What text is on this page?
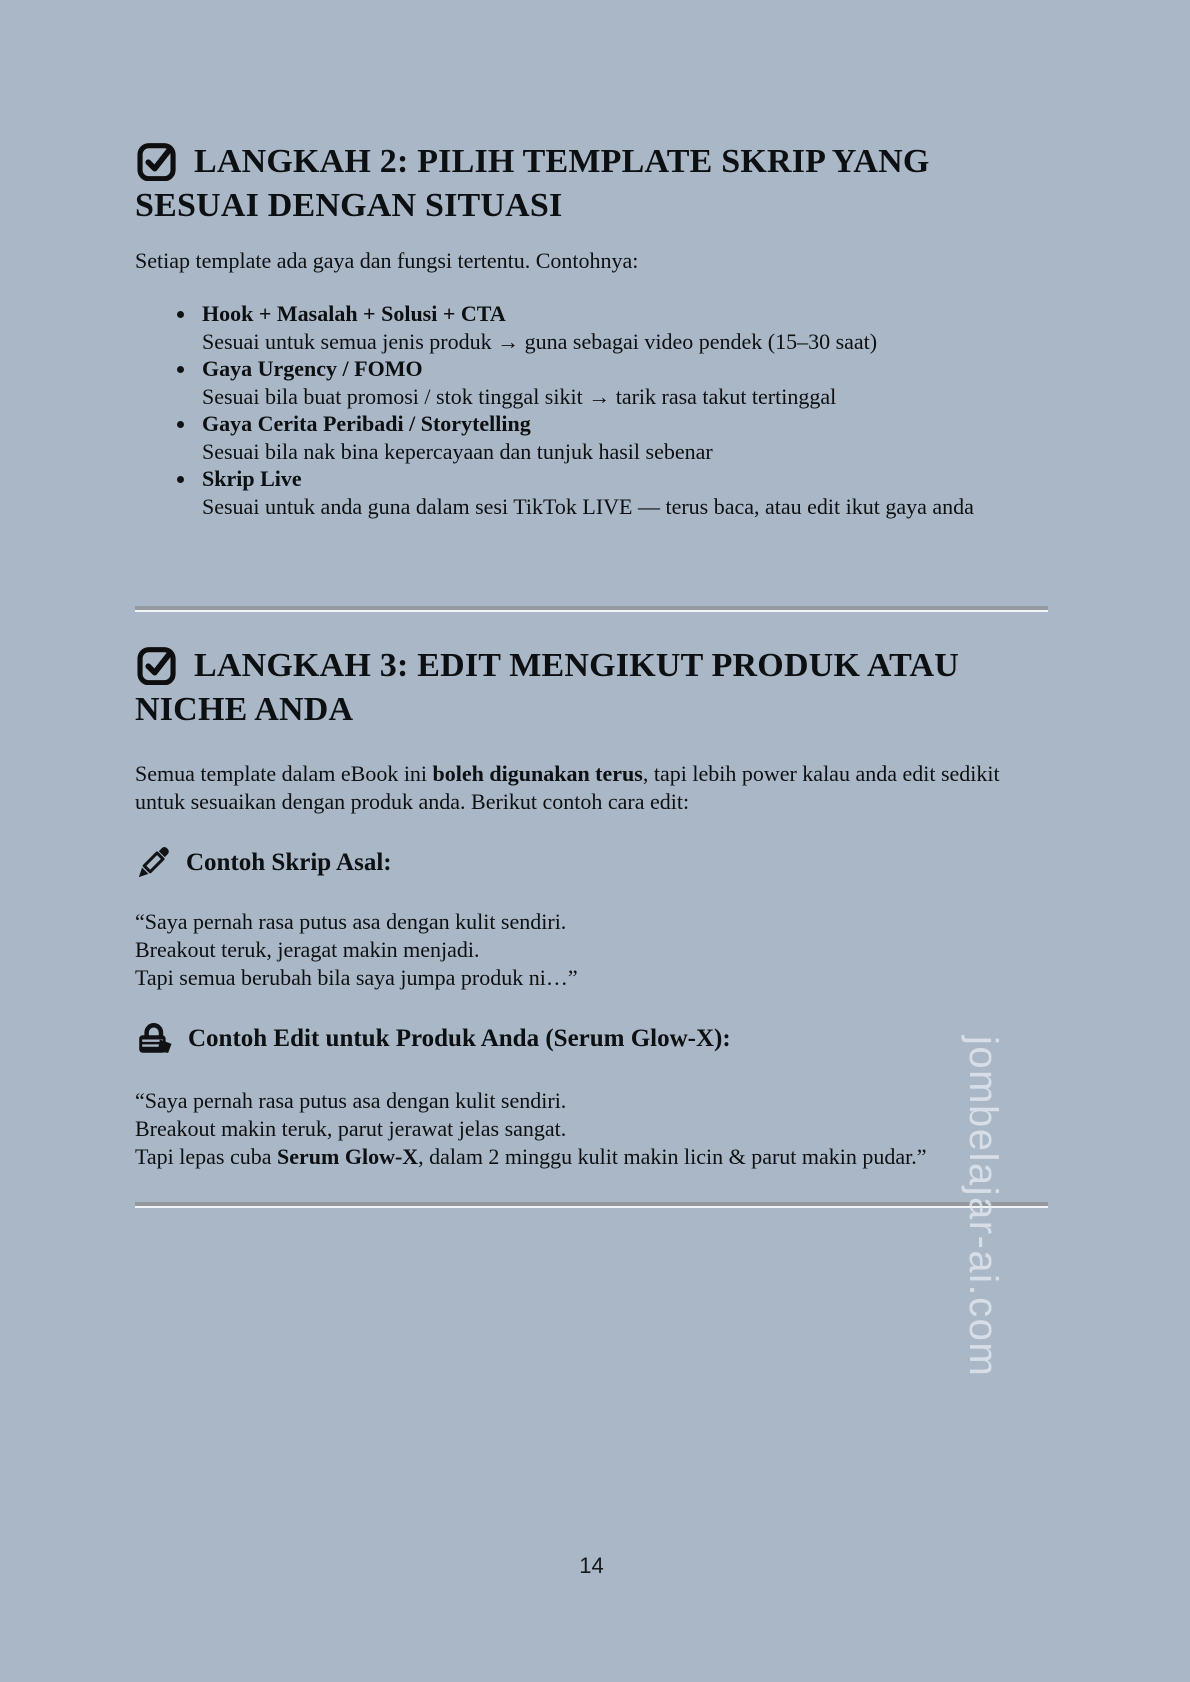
LANGKAH 2: PILIH TEMPLATE SKRIP YANG
SESUAI DENGAN SITUASI

Setiap template ada gaya dan fungsi tertentu. Contohnya:

Hook + Masalah + Solusi + CTA
Sesuai untuk semua jenis produk → guna sebagai video pendek (15–30 saat)
Gaya Urgency / FOMO
Sesuai bila buat promosi / stok tinggal sikit → tarik rasa takut tertinggal
Gaya Cerita Peribadi / Storytelling
Sesuai bila nak bina kepercayaan dan tunjuk hasil sebenar
Skrip Live
Sesuai untuk anda guna dalam sesi TikTok LIVE — terus baca, atau edit ikut gaya anda
LANGKAH 3: EDIT MENGIKUT PRODUK ATAU
NICHE ANDA

Semua template dalam eBook ini boleh digunakan terus, tapi lebih power kalau anda edit sedikit untuk sesuaikan dengan produk anda. Berikut contoh cara edit:

Contoh Skrip Asal:

“Saya pernah rasa putus asa dengan kulit sendiri.
Breakout teruk, jeragat makin menjadi.
Tapi semua berubah bila saya jumpa produk ni…”

Contoh Edit untuk Produk Anda (Serum Glow-X):

“Saya pernah rasa putus asa dengan kulit sendiri.
Breakout makin teruk, parut jerawat jelas sangat.
Tapi lepas cuba Serum Glow-X, dalam 2 minggu kulit makin licin & parut makin pudar.”

14
jombelajar-ai.com
